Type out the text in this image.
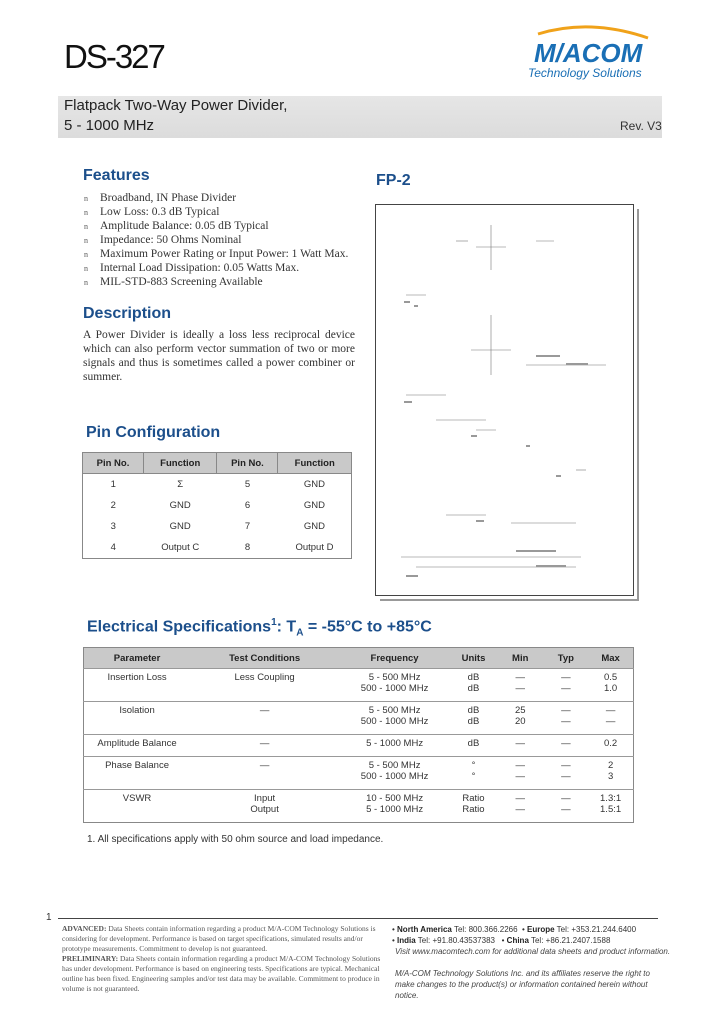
DS-327	M/ACOM
Technology Solutions
Flatpack Two-Way Power Divider,
5 - 1000 MHz	Rev. V3
Features
n Broadband, IN Phase Divider
n Low Loss: 0.3 dB Typical
n Amplitude Balance: 0.05 dB Typical
n Impedance: 50 Ohms Nominal
n Maximum Power Rating or Input Power: 1 Watt Max.
n Internal Load Dissipation: 0.05 Watts Max.
n MIL-STD-883 Screening Available
Description
A Power Divider is ideally a loss less reciprocal device which can also perform vector summation of two or more signals and thus is sometimes called a power combiner or summer.
FP-2
Pin Configuration
Pin No.	Function	Pin No.	Function
1	Σ	5	GND
2	GND	6	GND
3	GND	7	GND
4	Output C	8	Output D
Electrical Specifications$^1$: $T_A = -55^\circ C$ to +85°C
Parameter	Test Conditions	Frequency	Units	Min	Typ	Max
Insertion Loss	Less Coupling	5 - 500 MHz	dB	—	—	0.5
		500 - 1000 MHz	dB	—	—	1.0
Isolation	—	5 - 500 MHz	dB	25	—	—
		500 - 1000 MHz	dB	20	—	—
Amplitude Balance	—	5 - 1000 MHz	dB	—	—	0.2
Phase Balance	—	5 - 500 MHz	°	—	—	2
		500 - 1000 MHz	°	—	—	3
VSWR	Input	10 - 500 MHz	Ratio	—	—	1.3:1
	Output	5 - 1000 MHz	Ratio	—	—	1.5:1
1. All specifications apply with 50 ohm source and load impedance.
1
ADVANCED: Data Sheets contain information regarding a product M/A-COM Technology Solutions is considering for development. Performance is based on target specifications, simulated results and/or prototype measurements. Commitment to develop is not guaranteed.
PRELIMINARY: Data Sheets contain information regarding a product M/A-COM Technology Solutions has under development. Performance is based on engineering tests. Specifications are typical. Mechanical outline has been fixed. Engineering samples and/or test data may be available. Commitment to produce in volume is not guaranteed.
• North America Tel: 800.366.2266  • Europe Tel: +353.21.244.6400
• India Tel: +91.80.43537383   • China Tel: +86.21.2407.1588
Visit www.macomtech.com for additional data sheets and product information.
M/A-COM Technology Solutions Inc. and its affiliates reserve the right to make changes to the product(s) or information contained herein without notice.
